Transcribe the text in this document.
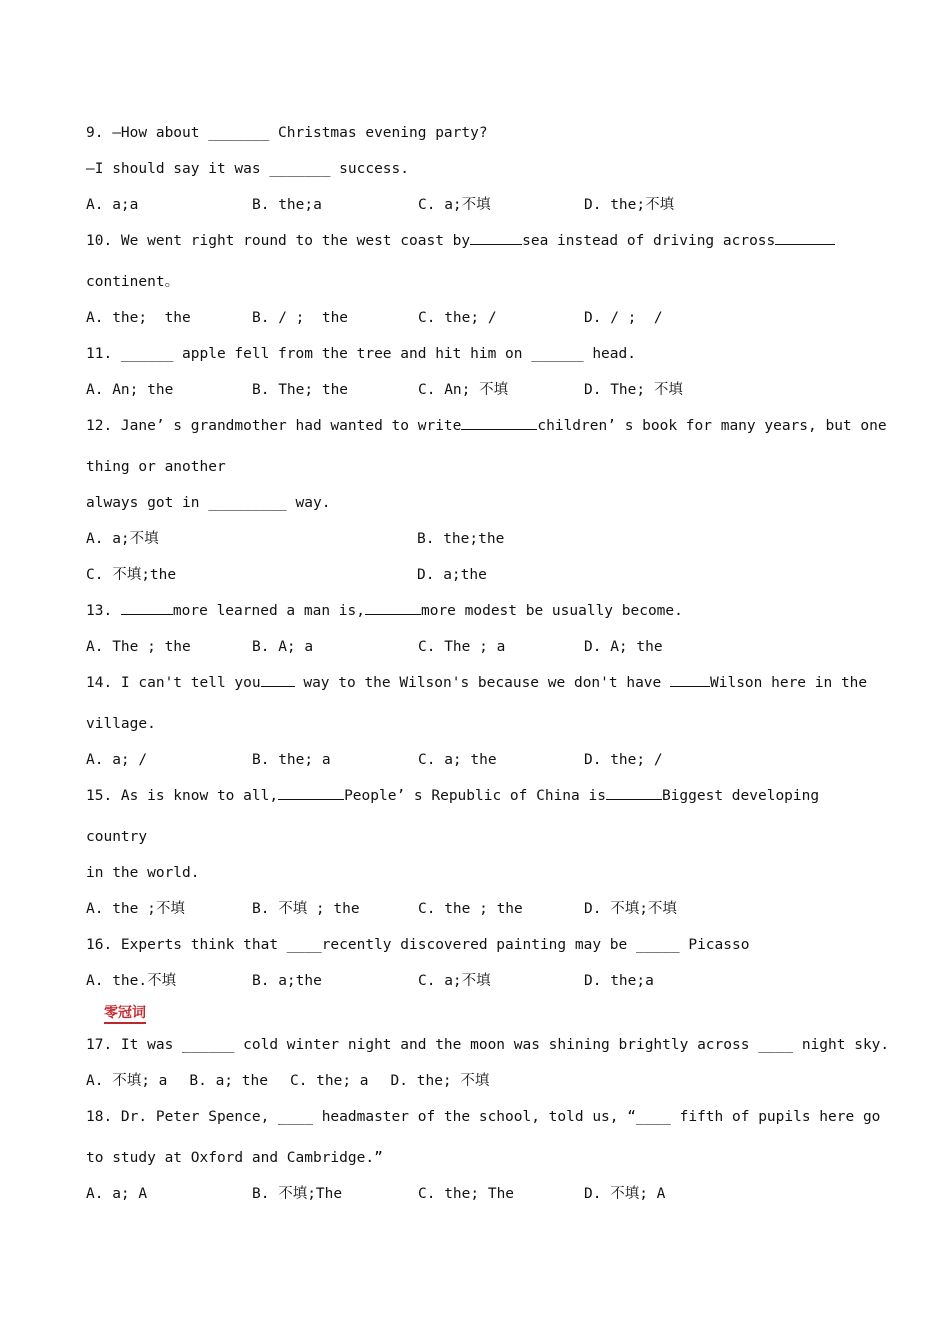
9. —How about _______ Christmas evening party?

—I should say it was _______ success.

A. a;a	B. the;a	C. a;不填	D. the;不填

10. We went right round to the west coast by	sea instead of driving across

continent。

A. the;  the	B. / ;  the	C. the; /	D. / ;  /

11. ______ apple fell from the tree and hit him on ______ head.

A. An; the	B. The; the	C. An; 不填	D. The; 不填

12. Jane’ s grandmother had wanted to write	children’ s book for many years, but one

thing or another

always got in _________ way.

A. a;不填	B. the;the
C. 不填;the	D. a;the

13.	more learned a man is,	more modest be usually become.

A. The ; the	B. A; a	C. The ; a	D. A; the

14. I can't tell you way to the Wilson's because we don't have	Wilson here in the

village.

A. a; /	B. the; a	C. a; the	D. the; /

15. As is know to all,	People’ s Republic of China is	Biggest developing

country

in the world.

A. the ;不填	B. 不填 ; the	C. the ; the	D. 不填;不填

16. Experts think that ____recently discovered painting may be _____ Picasso

A. the.不填	B. a;the	C. a;不填	D. the;a
零冠词

17. It was ______ cold winter night and the moon was shining brightly across ____ night sky.

A. 不填; a B. a; the C. the; a D. the; 不填

18. Dr. Peter Spence, ____ headmaster of the school, told us, “____ fifth of pupils here go

to study at Oxford and Cambridge.”

A. a; A	B. 不填;The	C. the; The	D. 不填; A
